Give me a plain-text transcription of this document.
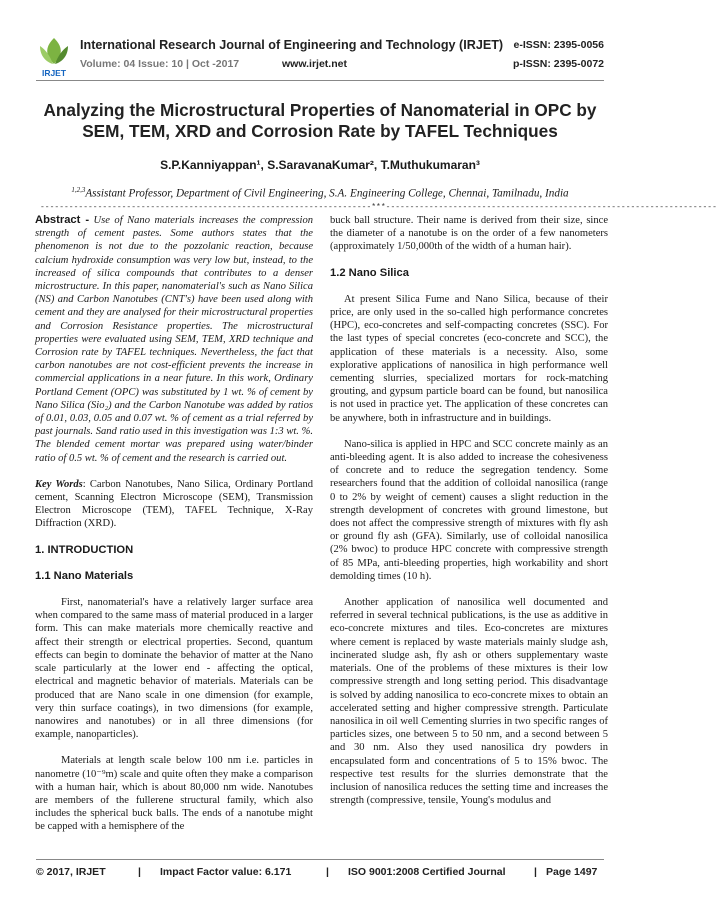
IRJET
International Research Journal of Engineering and Technology (IRJET)
Volume: 04 Issue: 10 | Oct -2017	www.irjet.net
e-ISSN: 2395-0056
p-ISSN: 2395-0072
Analyzing the Microstructural Properties of Nanomaterial in OPC by
SEM, TEM, XRD and Corrosion Rate by TAFEL Techniques
S.P.Kanniyappan¹, S.SaravanaKumar², T.Muthukumaran³
$^{1,2,3}$Assistant Professor, Department of Civil Engineering, S.A. Engineering College, Chennai, Tamilnadu, India
---------------------------------------------------------------------***---------------------------------------------------------------------

Abstract - Use of Nano materials increases the compression strength of cement pastes. Some authors states that the phenomenon is not due to the pozzolanic reaction, because calcium hydroxide consumption was very low but, instead, to the increased of silica compounds that contributes to a denser microstructure. In this paper, nanomaterial's such as Nano Silica (NS) and Carbon Nanotubes (CNT's) have been used along with cement and they are analysed for their microstructural properties and Corrosion Resistance properties. The microstructural properties were evaluated using SEM, TEM, XRD technique and Corrosion rate by TAFEL techniques. Nevertheless, the fact that carbon nanotubes are not cost-efficient prevents the increase in commercial applications in a near future. In this work, Ordinary Portland Cement (OPC) was substituted by 1 wt. % of cement by Nano Silica (Sio₂) and the Carbon Nanotube was added by ratios of 0.01, 0.03, 0.05 and 0.07 wt. % of cement as a trial referred by past journals. Sand ratio used in this investigation was 1:3 wt. %. The blended cement mortar was prepared using water/binder ratio of 0.5 wt. % of cement and the research is carried out.

Key Words: Carbon Nanotubes, Nano Silica, Ordinary Portland cement, Scanning Electron Microscope (SEM), Transmission Electron Microscope (TEM), TAFEL Technique, X-Ray Diffraction (XRD).

1. INTRODUCTION

1.1 Nano Materials

First, nanomaterial's have a relatively larger surface area when compared to the same mass of material produced in a larger form. This can make materials more chemically reactive and affect their strength or electrical properties. Second, quantum effects can begin to dominate the behavior of matter at the Nano scale particularly at the lower end - affecting the optical, electrical and magnetic behavior of materials. Materials can be produced that are Nano scale in one dimension (for example, very thin surface coatings), in two dimensions (for example, nanowires and nanotubes) or in all three dimensions (for example, nanoparticles).

Materials at length scale below 100 nm i.e. particles in nanometre (10⁻⁹m) scale and quite often they make a comparison with a human hair, which is about 80,000 nm wide. Nanotubes are members of the fullerene structural family, which also includes the spherical buck balls. The ends of a nanotube might be capped with a hemisphere of the

buck ball structure. Their name is derived from their size, since the diameter of a nanotube is on the order of a few nanometers (approximately 1/50,000th of the width of a human hair).

1.2 Nano Silica

At present Silica Fume and Nano Silica, because of their price, are only used in the so-called high performance concretes (HPC), eco-concretes and self-compacting concretes (SSC). For the last types of special concretes (eco-concrete and SCC), the application of these materials is a necessity. Also, some explorative applications of nanosilica in high performance well cementing slurries, specialized mortars for rock-matching grouting, and gypsum particle board can be found, but nanosilica is not used in practice yet. The application of these concretes can be anywhere, both in infrastructure and in buildings.

Nano-silica is applied in HPC and SCC concrete mainly as an anti-bleeding agent. It is also added to increase the cohesiveness of concrete and to reduce the segregation tendency. Some researchers found that the addition of colloidal nanosilica (range 0 to 2% by weight of cement) causes a slight reduction in the strength development of concretes with ground limestone, but does not affect the compressive strength of mixtures with fly ash or ground fly ash (GFA). Similarly, use of colloidal nanosilica (2% bwoc) to produce HPC concrete with compressive strength of 85 MPa, anti-bleeding properties, high workability and short demolding times (10 h).

Another application of nanosilica well documented and referred in several technical publications, is the use as additive in eco-concrete mixtures and tiles. Eco-concretes are mixtures where cement is replaced by waste materials mainly sludge ash, incinerated sludge ash, fly ash or others supplementary waste materials. One of the problems of these mixtures is their low compressive strength and long setting period. This disadvantage is solved by adding nanosilica to eco-concrete mixes to obtain an accelerated setting and higher compressive strength. Particulate nanosilica in oil well Cementing slurries in two specific ranges of particles sizes, one between 5 to 50 nm, and a second between 5 and 30 nm. Also they used nanosilica dry powders in encapsulated form and concentrations of 5 to 15% bwoc. The respective test results for the slurries demonstrate that the inclusion of nanosilica reduces the setting time and increases the strength (compressive, tensile, Young's modulus and

© 2017, IRJET	| Impact Factor value: 6.171	| ISO 9001:2008 Certified Journal	| Page 1497
